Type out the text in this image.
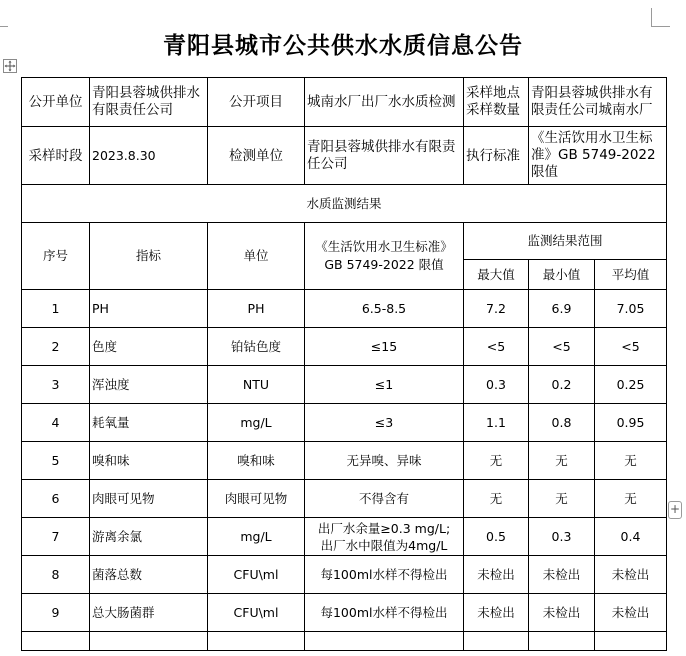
+
青阳县城市公共供水水质信息公告
公开单位	青阳县蓉城供排水有限责任公司	公开项目	城南水厂出厂水水质检测	采样地点采样数量	青阳县蓉城供排水有限责任公司城南水厂	
采样时段	2023.8.30	检测单位	青阳县蓉城供排水有限责任公司	执行标准	《生活饮用水卫生标准》GB 5749-2022 限值	
水质监测结果						
序号	指标	单位	《生活饮用水卫生标准》
GB 5749-2022 限值	监测结果范围		
				最大值	最小值	平均值
1	PH	PH	6.5-8.5	7.2	6.9	7.05
2	色度	铂钴色度	≤15	<5	<5	<5
3	浑浊度	NTU	≤1	0.3	0.2	0.25
4	耗氧量	mg/L	≤3	1.1	0.8	0.95
5	嗅和味	嗅和味	无异嗅、异味	无	无	无
6	肉眼可见物	肉眼可见物	不得含有	无	无	无
7	游离余氯	mg/L	出厂水余量≥0.3 mg/L;
出厂水中限值为4mg/L	0.5	0.3	0.4
8	菌落总数	CFU\ml	每100ml水样不得检出	未检出	未检出	未检出
9	总大肠菌群	CFU\ml	每100ml水样不得检出	未检出	未检出	未检出
